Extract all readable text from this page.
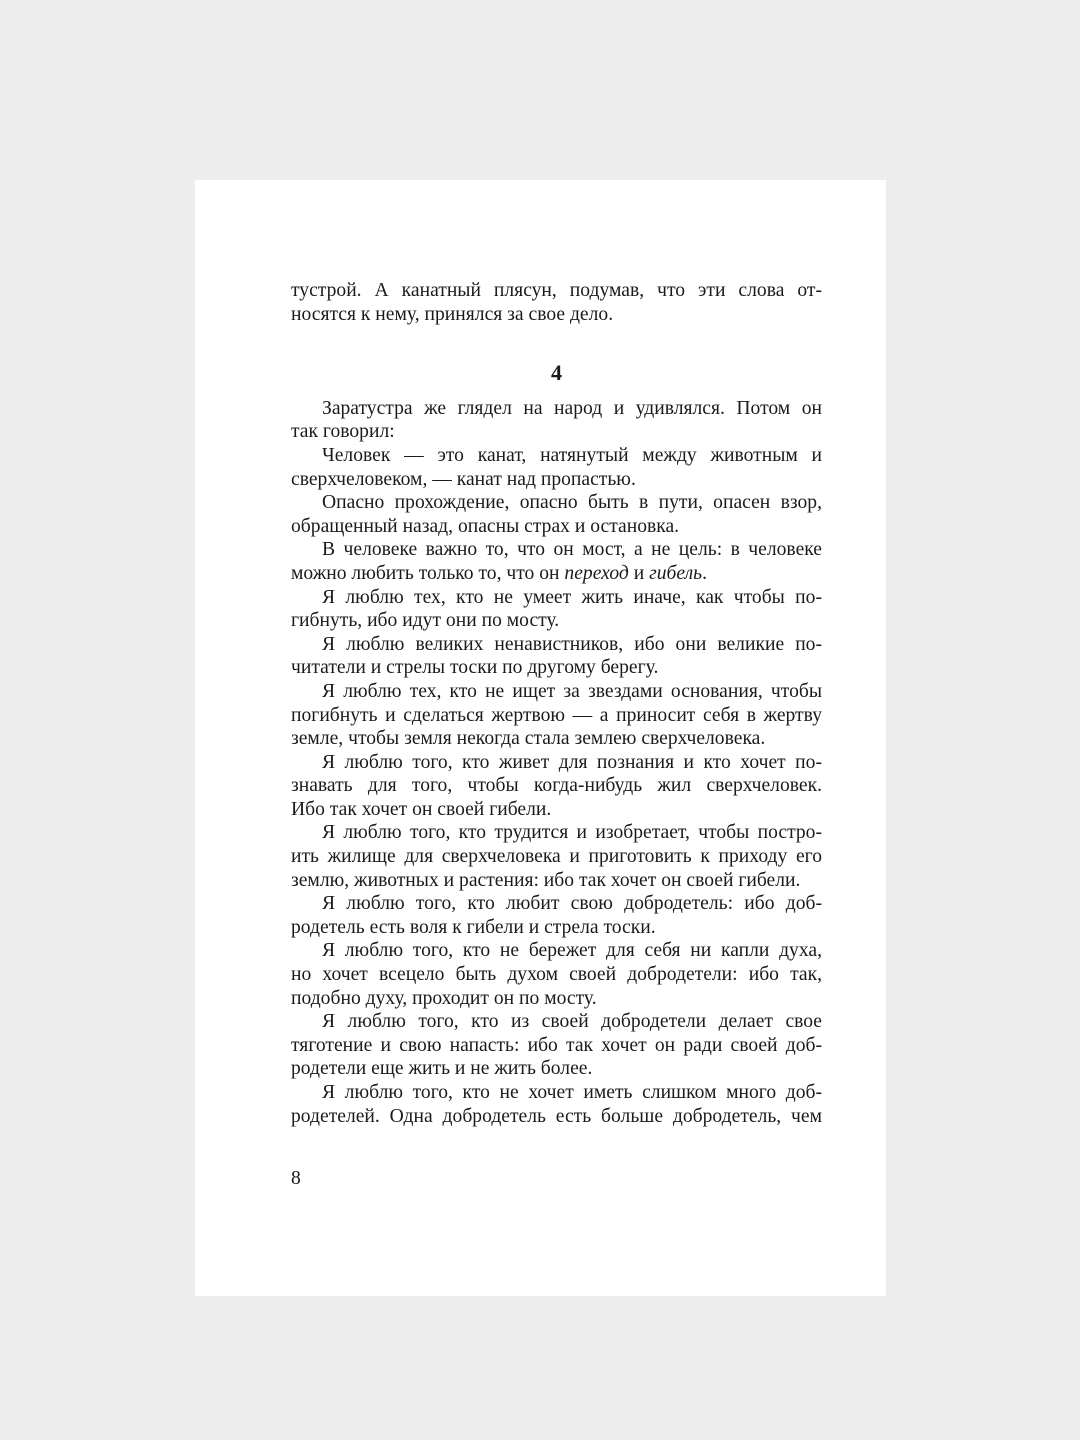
тустрой. А канатный плясун, подумав, что эти слова от-
носятся к нему, принялся за свое дело.
4
Заратустра же глядел на народ и удивлялся. Потом он
так говорил:
Человек — это канат, натянутый между животным и
сверхчеловеком, — канат над пропастью.
Опасно прохождение, опасно быть в пути, опасен взор,
обращенный назад, опасны страх и остановка.
В человеке важно то, что он мост, а не цель: в человеке
можно любить только то, что он переход и гибель.
Я люблю тех, кто не умеет жить иначе, как чтобы по-
гибнуть, ибо идут они по мосту.
Я люблю великих ненавистников, ибо они великие по-
читатели и стрелы тоски по другому берегу.
Я люблю тех, кто не ищет за звездами основания, чтобы
погибнуть и сделаться жертвою — а приносит себя в жертву
земле, чтобы земля некогда стала землею сверхчеловека.
Я люблю того, кто живет для познания и кто хочет по-
знавать для того, чтобы когда-нибудь жил сверхчеловек.
Ибо так хочет он своей гибели.
Я люблю того, кто трудится и изобретает, чтобы постро-
ить жилище для сверхчеловека и приготовить к приходу его
землю, животных и растения: ибо так хочет он своей гибели.
Я люблю того, кто любит свою добродетель: ибо доб-
родетель есть воля к гибели и стрела тоски.
Я люблю того, кто не бережет для себя ни капли духа,
но хочет всецело быть духом своей добродетели: ибо так,
подобно духу, проходит он по мосту.
Я люблю того, кто из своей добродетели делает свое
тяготение и свою напасть: ибо так хочет он ради своей доб-
родетели еще жить и не жить более.
Я люблю того, кто не хочет иметь слишком много доб-
родетелей. Одна добродетель есть больше добродетель, чем
8
